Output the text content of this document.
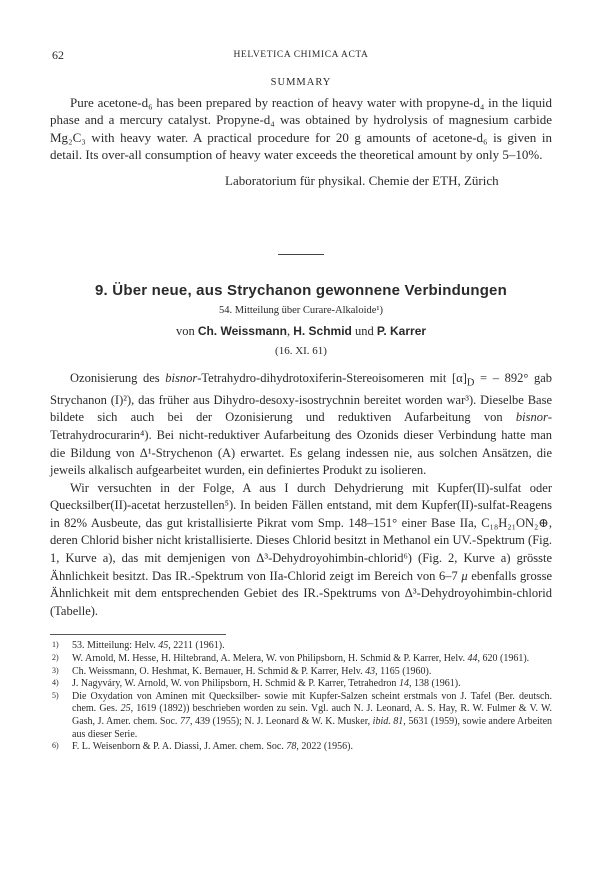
62	HELVETICA CHIMICA ACTA
SUMMARY

Pure acetone-d₆ has been prepared by reaction of heavy water with propyne-d₄ in the liquid phase and a mercury catalyst. Propyne-d₄ was obtained by hydrolysis of magnesium carbide Mg₂C₃ with heavy water. A practical procedure for 20 g amounts of acetone-d₆ is given in detail. Its over-all consumption of heavy water exceeds the theoretical amount by only 5–10%.

Laboratorium für physikal. Chemie der ETH, Zürich
9. Über neue, aus Strychanon gewonnene Verbindungen
54. Mitteilung über Curare-Alkaloide¹)
von Ch. Weissmann, H. Schmid und P. Karrer
(16. XI. 61)

Ozonisierung des bisnor-Tetrahydro-dihydrotoxiferin-Stereoisomeren mit $[\alpha]_D$ = – 892° gab Strychanon (I)²), das früher aus Dihydro-desoxy-isostrychnin bereitet worden war³). Dieselbe Base bildete sich auch bei der Ozonisierung und reduktiven Aufarbeitung von bisnor-Tetrahydrocurarin⁴). Bei nicht-reduktiver Aufarbeitung des Ozonids dieser Verbindung hatte man die Bildung von Δ¹-Strychenon (A) erwartet. Es gelang indessen nie, aus solchen Ansätzen, die jeweils alkalisch aufgearbeitet wurden, ein definiertes Produkt zu isolieren.

Wir versuchten in der Folge, A aus I durch Dehydrierung mit Kupfer(II)-sulfat oder Quecksilber(II)-acetat herzustellen⁵). In beiden Fällen entstand, mit dem Kupfer(II)-sulfat-Reagens in 82% Ausbeute, das gut kristallisierte Pikrat vom Smp. 148–151° einer Base IIa, C₁₈H₂₁ON₂⊕, deren Chlorid bisher nicht kristallisierte. Dieses Chlorid besitzt in Methanol ein UV.-Spektrum (Fig. 1, Kurve a), das mit demjenigen von Δ³-Dehydroyohimbin-chlorid⁶) (Fig. 2, Kurve a) grösste Ähnlichkeit besitzt. Das IR.-Spektrum von IIa-Chlorid zeigt im Bereich von 6–7 μ ebenfalls grosse Ähnlichkeit mit dem entsprechenden Gebiet des IR.-Spektrums von Δ³-Dehydroyohimbin-chlorid (Tabelle).

1) 53. Mitteilung: Helv. 45, 2211 (1961).
2) W. Arnold, M. Hesse, H. Hiltebrand, A. Melera, W. von Philipsborn, H. Schmid & P. Karrer, Helv. 44, 620 (1961).
3) Ch. Weissmann, O. Heshmat, K. Bernauer, H. Schmid & P. Karrer, Helv. 43, 1165 (1960).
4) J. Nagyváry, W. Arnold, W. von Philipsborn, H. Schmid & P. Karrer, Tetrahedron 14, 138 (1961).
5) Die Oxydation von Aminen mit Quecksilber- sowie mit Kupfer-Salzen scheint erstmals von J. Tafel (Ber. deutsch. chem. Ges. 25, 1619 (1892)) beschrieben worden zu sein. Vgl. auch N. J. Leonard, A. S. Hay, R. W. Fulmer & V. W. Gash, J. Amer. chem. Soc. 77, 439 (1955); N. J. Leonard & W. K. Musker, ibid. 81, 5631 (1959), sowie andere Arbeiten aus dieser Serie.
6) F. L. Weisenborn & P. A. Diassi, J. Amer. chem. Soc. 78, 2022 (1956).
